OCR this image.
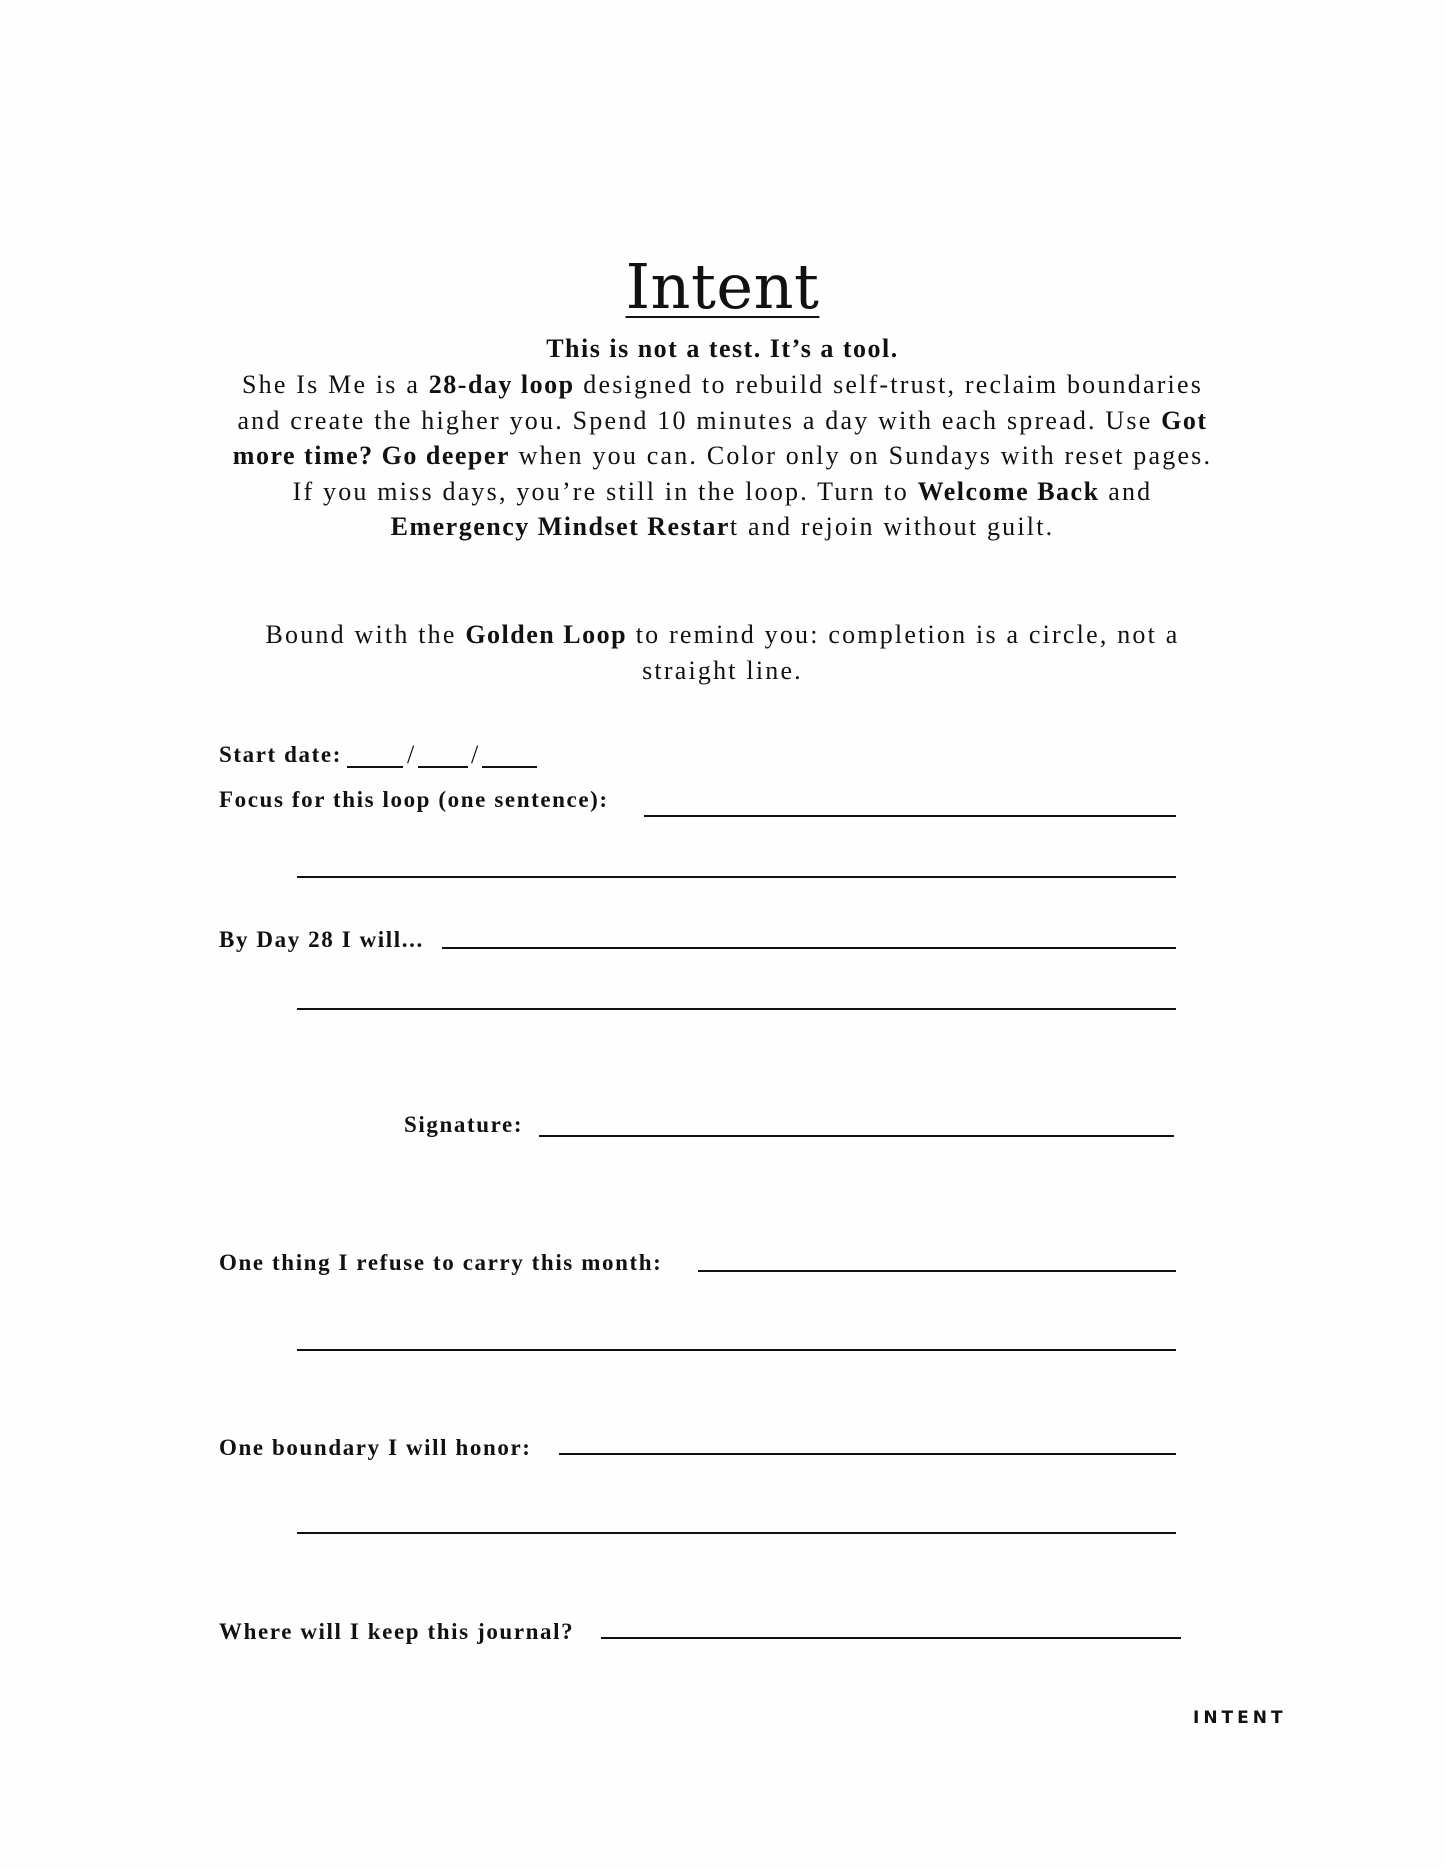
Intent
This is not a test. It’s a tool.
She Is Me is a 28-day loop designed to rebuild self-trust, reclaim boundaries and create the higher you. Spend 10 minutes a day with each spread. Use Got more time? Go deeper when you can. Color only on Sundays with reset pages. If you miss days, you’re still in the loop. Turn to Welcome Back and Emergency Mindset Restart and rejoin without guilt.
Bound with the Golden Loop to remind you: completion is a circle, not a straight line.
Start date:	/ /
Focus for this loop (one sentence):
By Day 28 I will...
Signature:
One thing I refuse to carry this month:
One boundary I will honor:
Where will I keep this journal?
INTENT
